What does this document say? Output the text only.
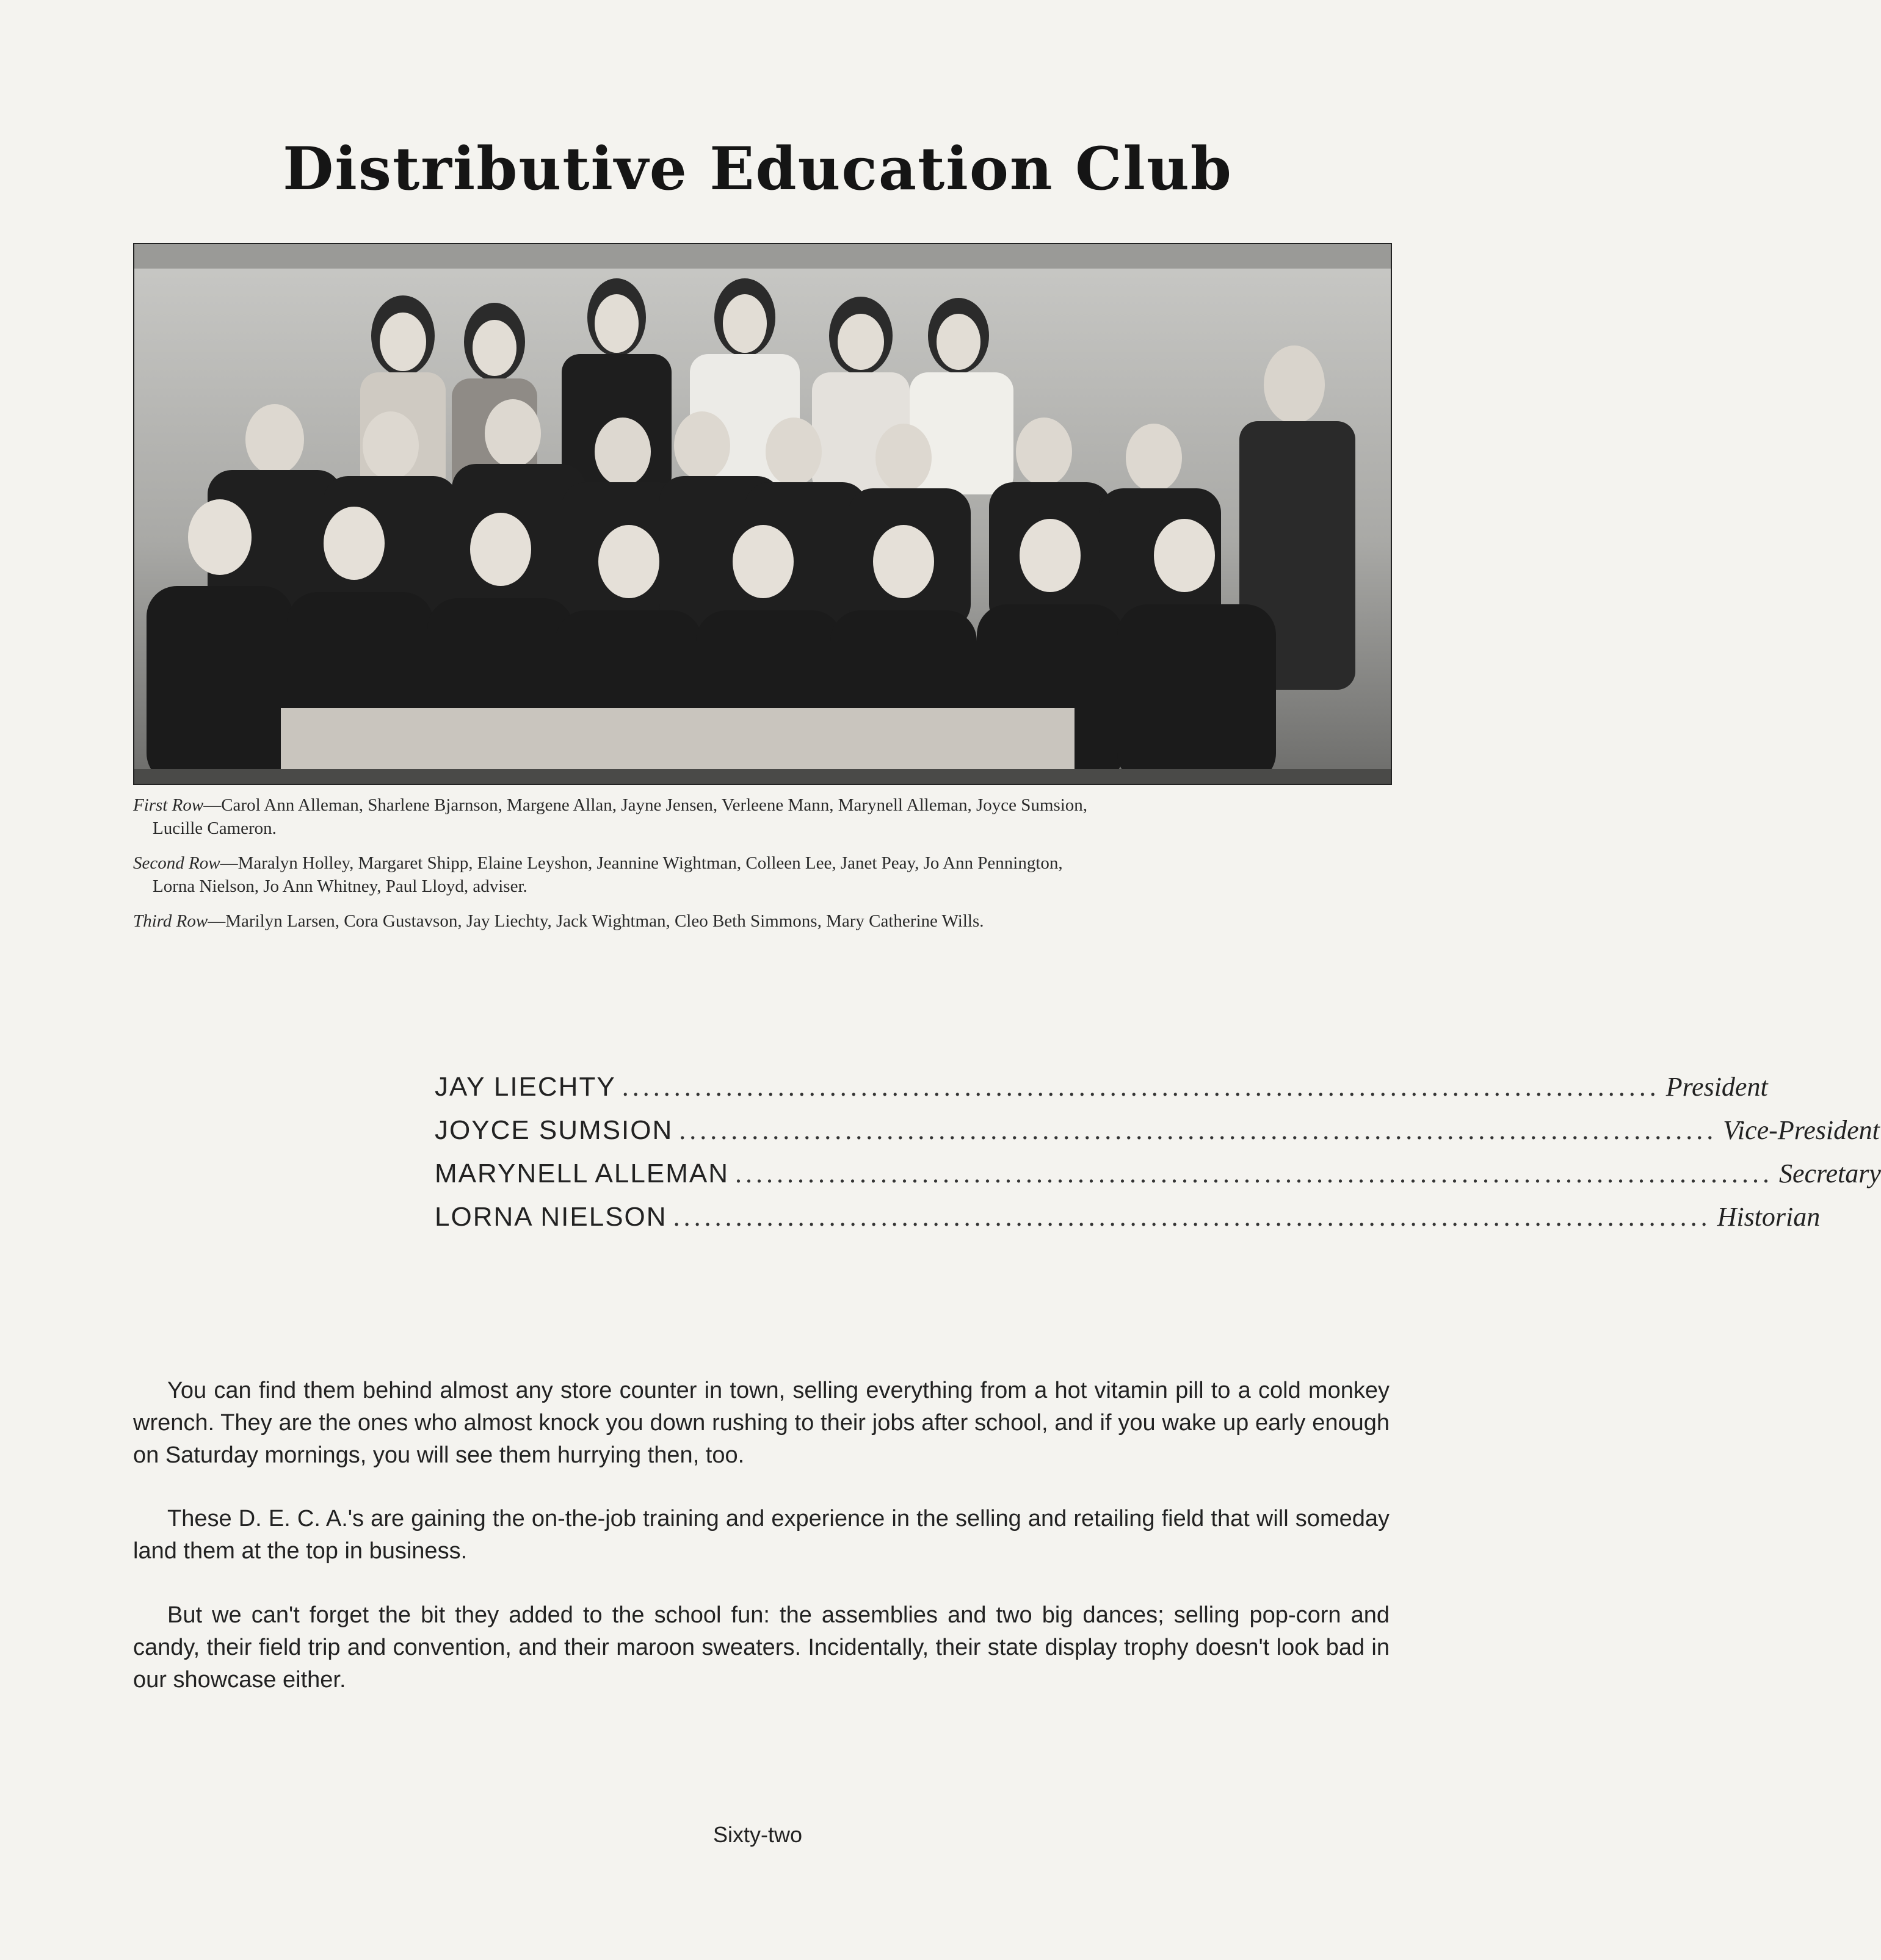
Distributive Education Club
First Row—Carol Ann Alleman, Sharlene Bjarnson, Margene Allan, Jayne Jensen, Verleene Mann, Marynell Alleman, Joyce Sumsion,
Lucille Cameron.
Second Row—Maralyn Holley, Margaret Shipp, Elaine Leyshon, Jeannine Wightman, Colleen Lee, Janet Peay, Jo Ann Pennington,
Lorna Nielson, Jo Ann Whitney, Paul Lloyd, adviser.
Third Row—Marilyn Larsen, Cora Gustavson, Jay Liechty, Jack Wightman, Cleo Beth Simmons, Mary Catherine Wills.
JAY LIECHTY .................................................................................................... President
JOYCE SUMSION .................................................................................................... Vice-President
MARYNELL ALLEMAN .................................................................................................... Secretary
LORNA NIELSON .................................................................................................... Historian

You can find them behind almost any store counter in town, selling everything from a hot vitamin pill to a cold monkey wrench. They are the ones who almost knock you down rushing to their jobs after school, and if you wake up early enough on Saturday mornings, you will see them hurrying then, too.

These D. E. C. A.'s are gaining the on-the-job training and experience in the selling and retailing field that will someday land them at the top in business.

But we can't forget the bit they added to the school fun: the assemblies and two big dances; selling pop-corn and candy, their field trip and convention, and their maroon sweaters. Incidentally, their state display trophy doesn't look bad in our showcase either.

Sixty-two
